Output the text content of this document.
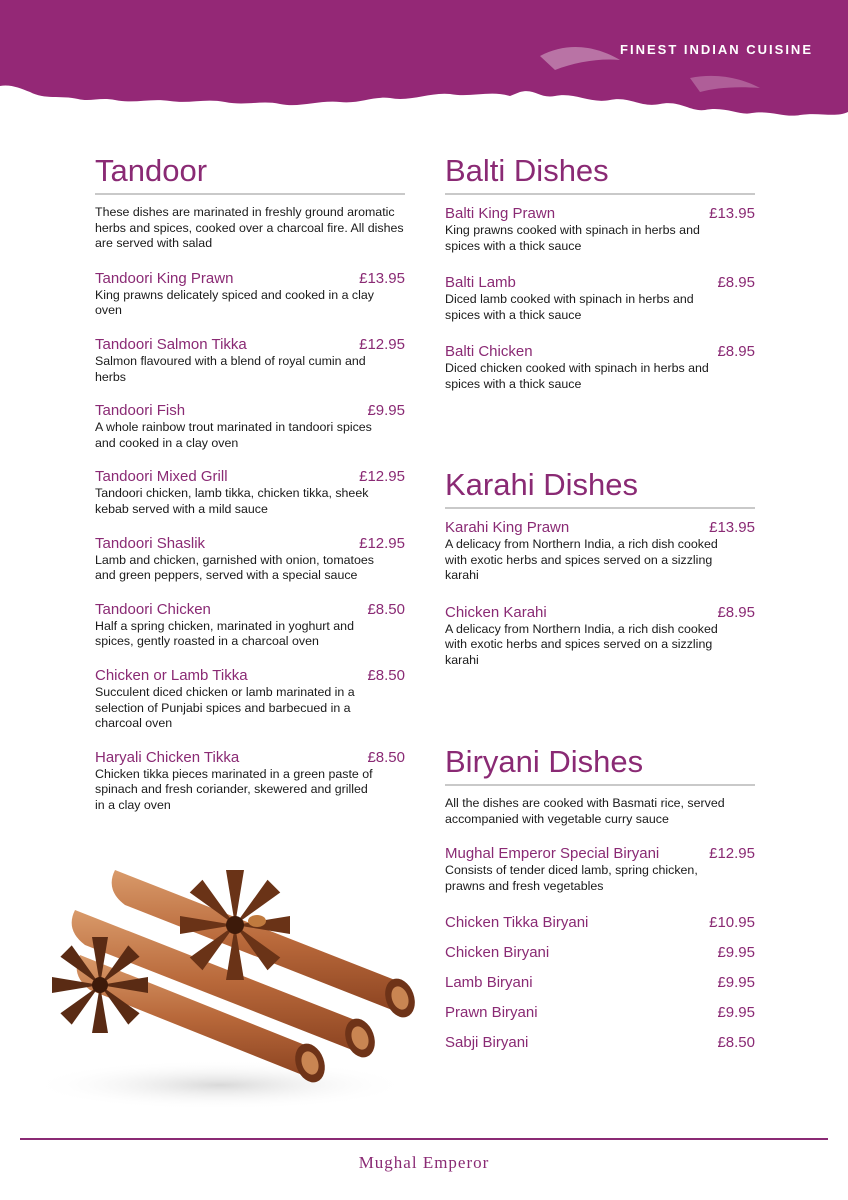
FINEST INDIAN CUISINE
Tandoor

These dishes are marinated in freshly ground aromatic herbs and spices, cooked over a charcoal fire. All dishes are served with salad

Tandoori King Prawn	£13.95
King prawns delicately spiced and cooked in a clay oven
Tandoori Salmon Tikka	£12.95
Salmon flavoured with a blend of royal cumin and herbs
Tandoori Fish	£9.95
A whole rainbow trout marinated in tandoori spices and cooked in a clay oven
Tandoori Mixed Grill	£12.95
Tandoori chicken, lamb tikka, chicken tikka, sheek kebab served with a mild sauce
Tandoori Shaslik	£12.95
Lamb and chicken, garnished with onion, tomatoes and green peppers, served with a special sauce
Tandoori Chicken	£8.50
Half a spring chicken, marinated in yoghurt and spices, gently roasted in a charcoal oven
Chicken or Lamb Tikka	£8.50
Succulent diced chicken or lamb marinated in a selection of Punjabi spices and barbecued in a charcoal oven
Haryali Chicken Tikka	£8.50
Chicken tikka pieces marinated in a green paste of spinach and fresh coriander, skewered and grilled in a clay oven
Balti Dishes
Balti King Prawn	£13.95
King prawns cooked with spinach in herbs and spices with a thick sauce
Balti Lamb	£8.95
Diced lamb cooked with spinach in herbs and spices with a thick sauce
Balti Chicken	£8.95
Diced chicken cooked with spinach in herbs and spices with a thick sauce
Karahi Dishes
Karahi King Prawn	£13.95
A delicacy from Northern India, a rich dish cooked with exotic herbs and spices served on a sizzling karahi
Chicken Karahi	£8.95
A delicacy from Northern India, a rich dish cooked with exotic herbs and spices served on a sizzling karahi
Biryani Dishes

All the dishes are cooked with Basmati rice, served accompanied with vegetable curry sauce

Mughal Emperor Special Biryani	£12.95
Consists of tender diced lamb, spring chicken, prawns and fresh vegetables
Chicken Tikka Biryani	£10.95
Chicken Biryani	£9.95
Lamb Biryani	£9.95
Prawn Biryani	£9.95
Sabji Biryani	£8.50
Mughal Emperor
